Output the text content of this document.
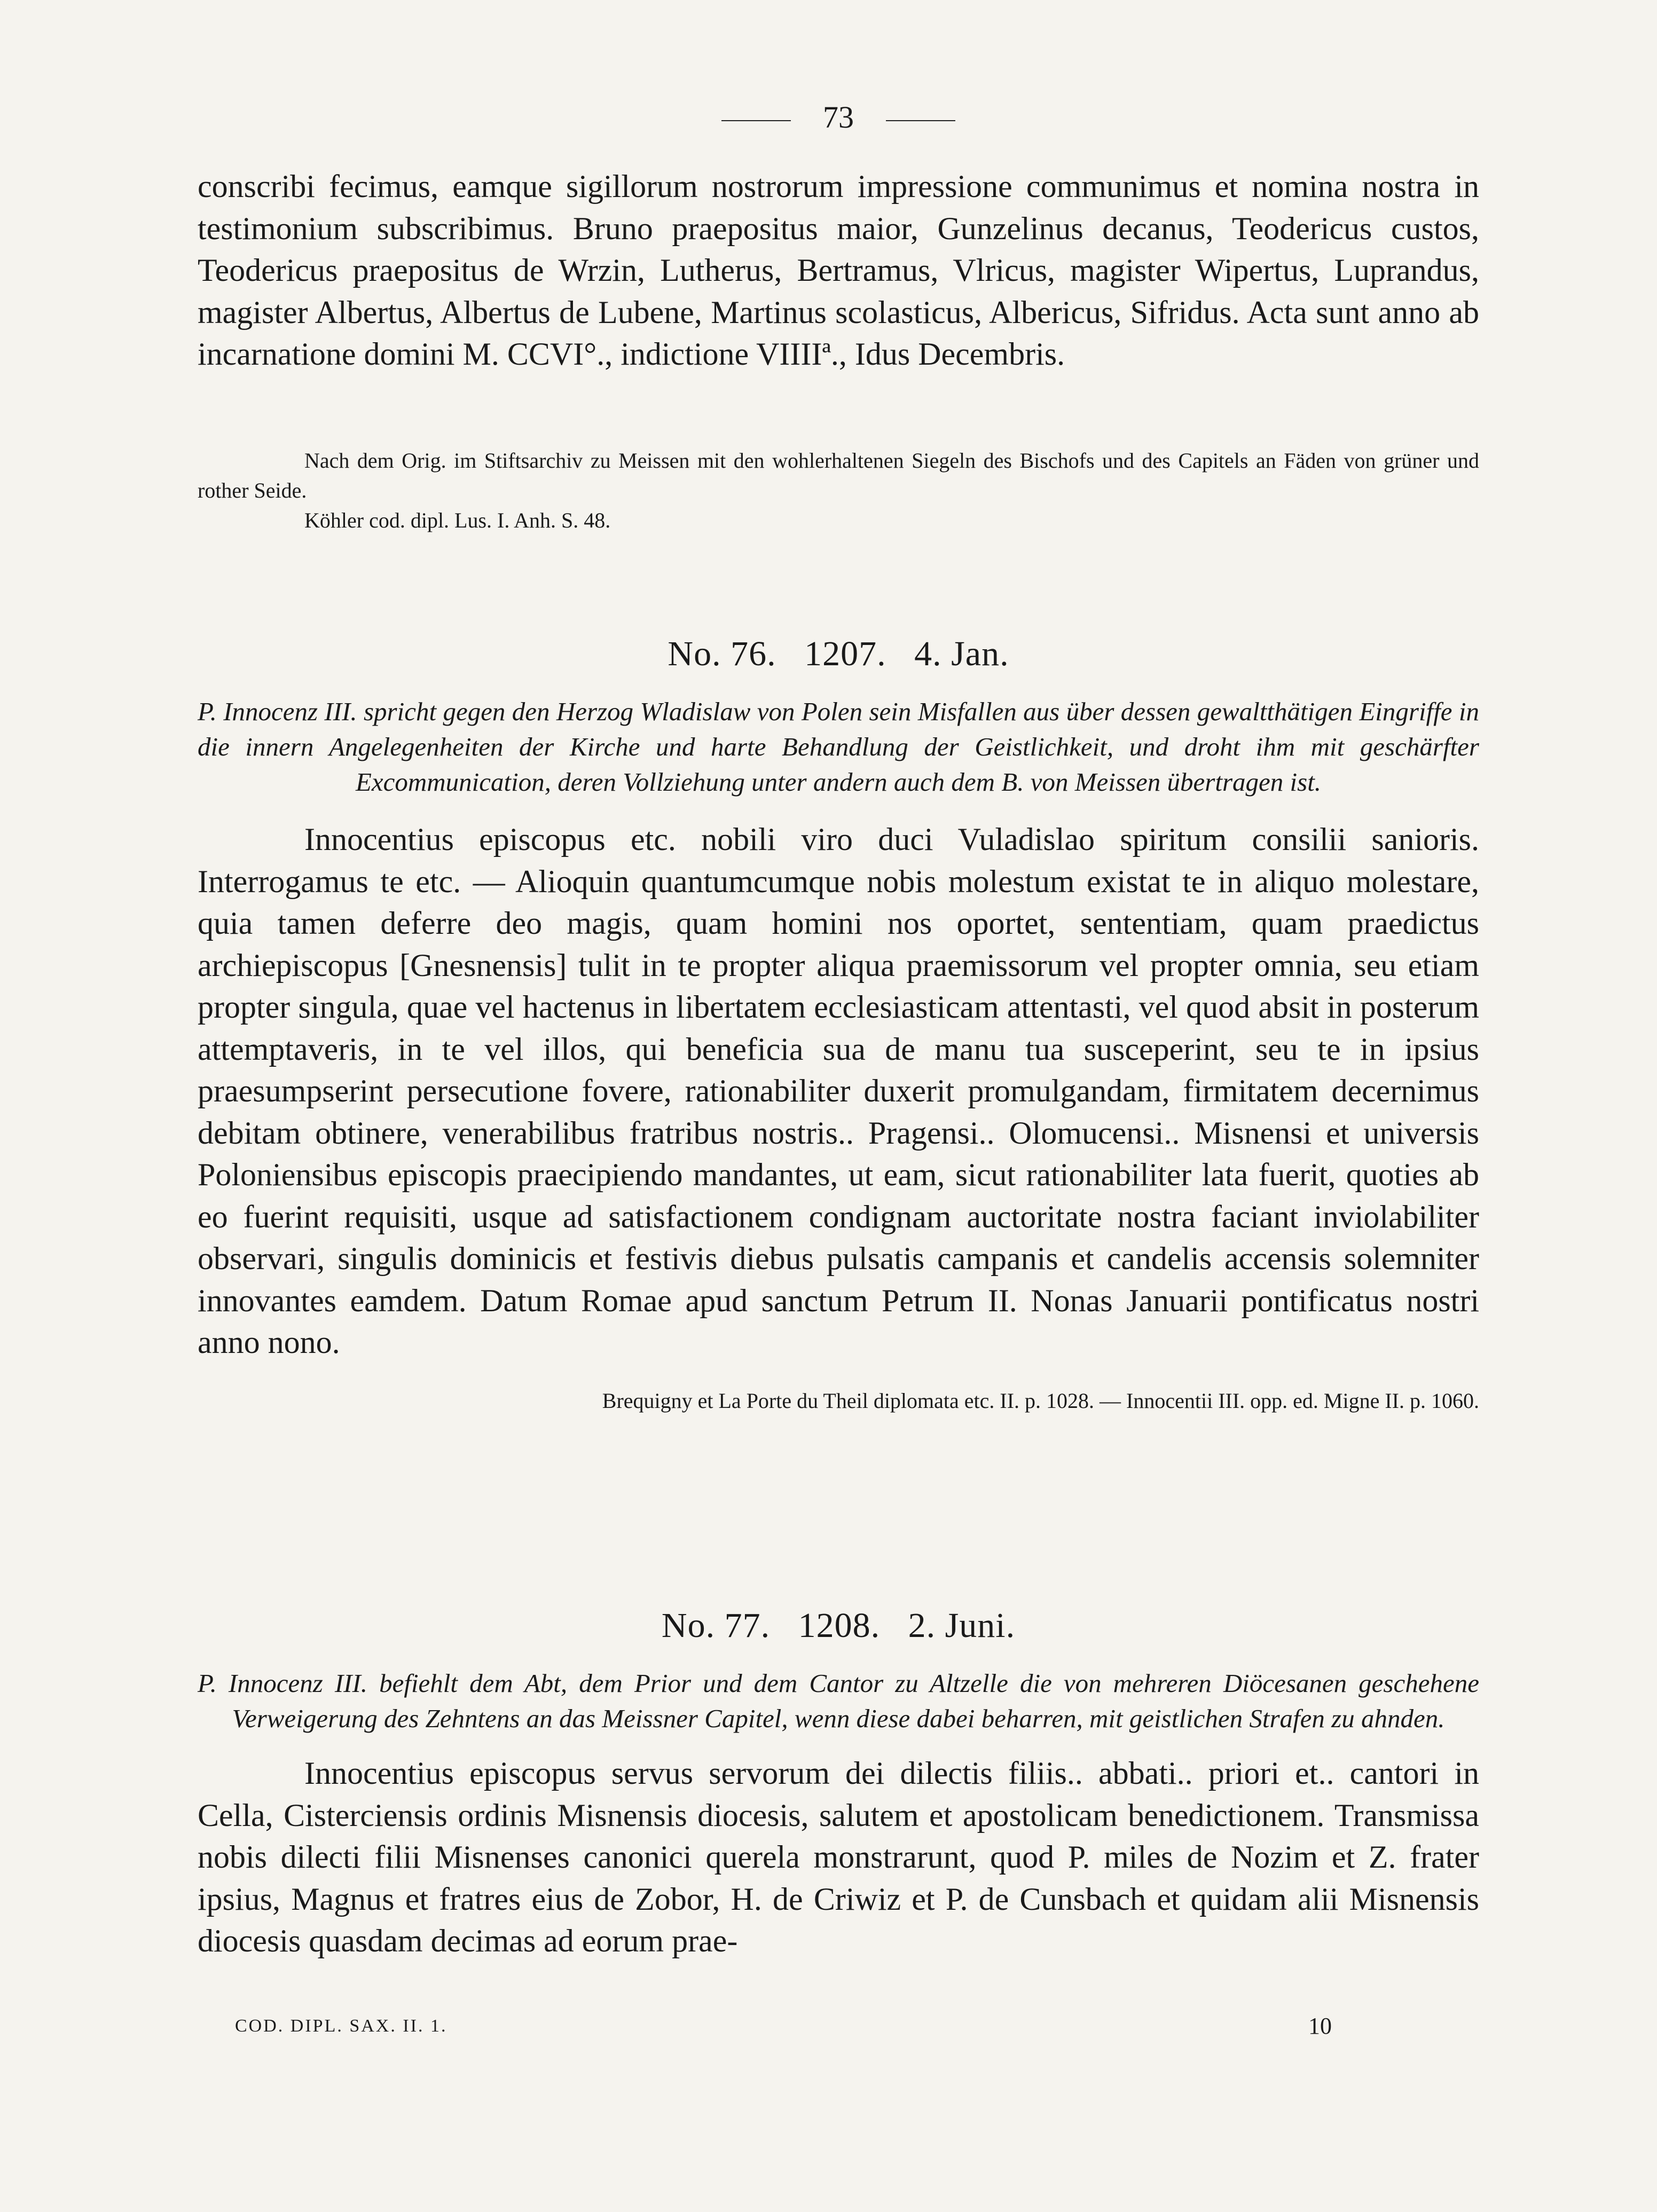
73

conscribi fecimus, eamque sigillorum nostrorum impressione communimus et nomina nostra in testimonium subscribimus. Bruno praepositus maior, Gunzelinus decanus, Teodericus custos, Teodericus praepositus de Wrzin, Lutherus, Bertramus, Vlricus, magister Wipertus, Luprandus, magister Albertus, Albertus de Lubene, Martinus scolasticus, Albericus, Sifridus. Acta sunt anno ab incarnatione domini M. CCVI°., indictione VIIIIª., Idus Decembris.

Nach dem Orig. im Stiftsarchiv zu Meissen mit den wohlerhaltenen Siegeln des Bischofs und des Capitels an Fäden von grüner und rother Seide.

Köhler cod. dipl. Lus. I. Anh. S. 48.

No. 76.   1207.   4. Jan.

P. Innocenz III. spricht gegen den Herzog Wladislaw von Polen sein Misfallen aus über dessen gewaltthätigen Eingriffe in die innern Angelegenheiten der Kirche und harte Behandlung der Geistlichkeit, und droht ihm mit geschärfter Excommunication, deren Vollziehung unter andern auch dem B. von Meissen übertragen ist.

Innocentius episcopus etc. nobili viro duci Vuladislao spiritum consilii sanioris. Interrogamus te etc. — Alioquin quantumcumque nobis molestum existat te in aliquo molestare, quia tamen deferre deo magis, quam homini nos oportet, sententiam, quam praedictus archiepiscopus [Gnesnensis] tulit in te propter aliqua praemissorum vel propter omnia, seu etiam propter singula, quae vel hactenus in libertatem ecclesiasticam attentasti, vel quod absit in posterum attemptaveris, in te vel illos, qui beneficia sua de manu tua susceperint, seu te in ipsius praesumpserint persecutione fovere, rationabiliter duxerit promulgandam, firmitatem decernimus debitam obtinere, venerabilibus fratribus nostris.. Pragensi.. Olomucensi.. Misnensi et universis Poloniensibus episcopis praecipiendo mandantes, ut eam, sicut rationabiliter lata fuerit, quoties ab eo fuerint requisiti, usque ad satisfactionem condignam auctoritate nostra faciant inviolabiliter observari, singulis dominicis et festivis diebus pulsatis campanis et candelis accensis solemniter innovantes eamdem. Datum Romae apud sanctum Petrum II. Nonas Januarii pontificatus nostri anno nono.

Brequigny et La Porte du Theil diplomata etc. II. p. 1028. — Innocentii III. opp. ed. Migne II. p. 1060.

No. 77.   1208.   2. Juni.

P. Innocenz III. befiehlt dem Abt, dem Prior und dem Cantor zu Altzelle die von mehreren Diöcesanen geschehene Verweigerung des Zehntens an das Meissner Capitel, wenn diese dabei beharren, mit geistlichen Strafen zu ahnden.

Innocentius episcopus servus servorum dei dilectis filiis.. abbati.. priori et.. cantori in Cella, Cisterciensis ordinis Misnensis diocesis, salutem et apostolicam benedictionem. Transmissa nobis dilecti filii Misnenses canonici querela monstrarunt, quod P. miles de Nozim et Z. frater ipsius, Magnus et fratres eius de Zobor, H. de Criwiz et P. de Cunsbach et quidam alii Misnensis diocesis quasdam decimas ad eorum prae-

COD. DIPL. SAX. II. 1.	10
